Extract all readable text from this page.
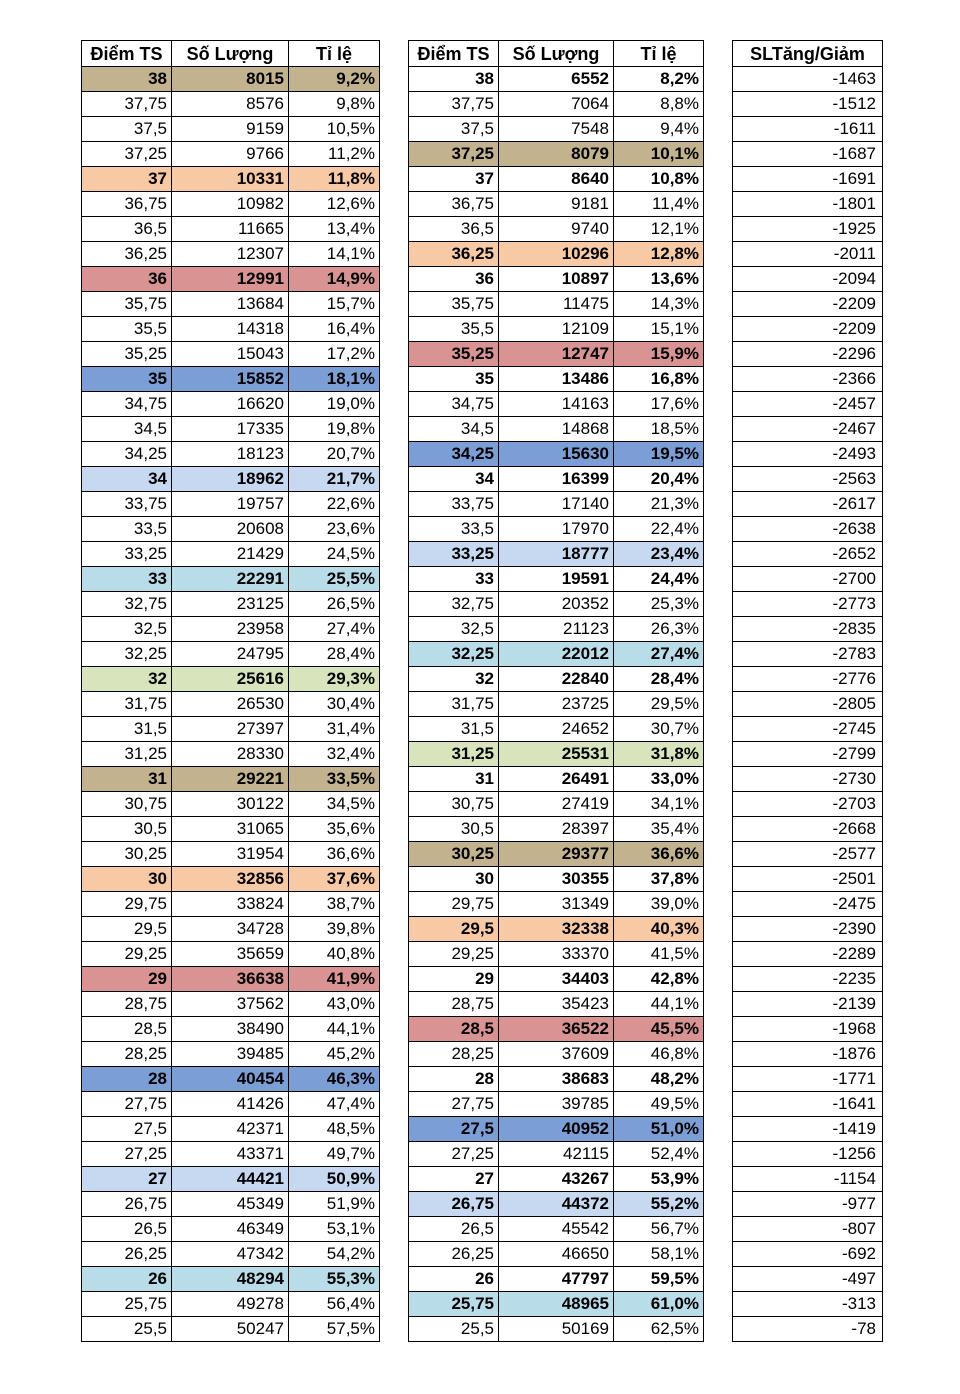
Điểm TS	Số Lượng	Tỉ lệ
38	8015	9,2%
37,75	8576	9,8%
37,5	9159	10,5%
37,25	9766	11,2%
37	10331	11,8%
36,75	10982	12,6%
36,5	11665	13,4%
36,25	12307	14,1%
36	12991	14,9%
35,75	13684	15,7%
35,5	14318	16,4%
35,25	15043	17,2%
35	15852	18,1%
34,75	16620	19,0%
34,5	17335	19,8%
34,25	18123	20,7%
34	18962	21,7%
33,75	19757	22,6%
33,5	20608	23,6%
33,25	21429	24,5%
33	22291	25,5%
32,75	23125	26,5%
32,5	23958	27,4%
32,25	24795	28,4%
32	25616	29,3%
31,75	26530	30,4%
31,5	27397	31,4%
31,25	28330	32,4%
31	29221	33,5%
30,75	30122	34,5%
30,5	31065	35,6%
30,25	31954	36,6%
30	32856	37,6%
29,75	33824	38,7%
29,5	34728	39,8%
29,25	35659	40,8%
29	36638	41,9%
28,75	37562	43,0%
28,5	38490	44,1%
28,25	39485	45,2%
28	40454	46,3%
27,75	41426	47,4%
27,5	42371	48,5%
27,25	43371	49,7%
27	44421	50,9%
26,75	45349	51,9%
26,5	46349	53,1%
26,25	47342	54,2%
26	48294	55,3%
25,75	49278	56,4%
25,5	50247	57,5%
Điểm TS	Số Lượng	Tỉ lệ
38	6552	8,2%
37,75	7064	8,8%
37,5	7548	9,4%
37,25	8079	10,1%
37	8640	10,8%
36,75	9181	11,4%
36,5	9740	12,1%
36,25	10296	12,8%
36	10897	13,6%
35,75	11475	14,3%
35,5	12109	15,1%
35,25	12747	15,9%
35	13486	16,8%
34,75	14163	17,6%
34,5	14868	18,5%
34,25	15630	19,5%
34	16399	20,4%
33,75	17140	21,3%
33,5	17970	22,4%
33,25	18777	23,4%
33	19591	24,4%
32,75	20352	25,3%
32,5	21123	26,3%
32,25	22012	27,4%
32	22840	28,4%
31,75	23725	29,5%
31,5	24652	30,7%
31,25	25531	31,8%
31	26491	33,0%
30,75	27419	34,1%
30,5	28397	35,4%
30,25	29377	36,6%
30	30355	37,8%
29,75	31349	39,0%
29,5	32338	40,3%
29,25	33370	41,5%
29	34403	42,8%
28,75	35423	44,1%
28,5	36522	45,5%
28,25	37609	46,8%
28	38683	48,2%
27,75	39785	49,5%
27,5	40952	51,0%
27,25	42115	52,4%
27	43267	53,9%
26,75	44372	55,2%
26,5	45542	56,7%
26,25	46650	58,1%
26	47797	59,5%
25,75	48965	61,0%
25,5	50169	62,5%
SLTăng/Giảm
-1463
-1512
-1611
-1687
-1691
-1801
-1925
-2011
-2094
-2209
-2209
-2296
-2366
-2457
-2467
-2493
-2563
-2617
-2638
-2652
-2700
-2773
-2835
-2783
-2776
-2805
-2745
-2799
-2730
-2703
-2668
-2577
-2501
-2475
-2390
-2289
-2235
-2139
-1968
-1876
-1771
-1641
-1419
-1256
-1154
-977
-807
-692
-497
-313
-78
